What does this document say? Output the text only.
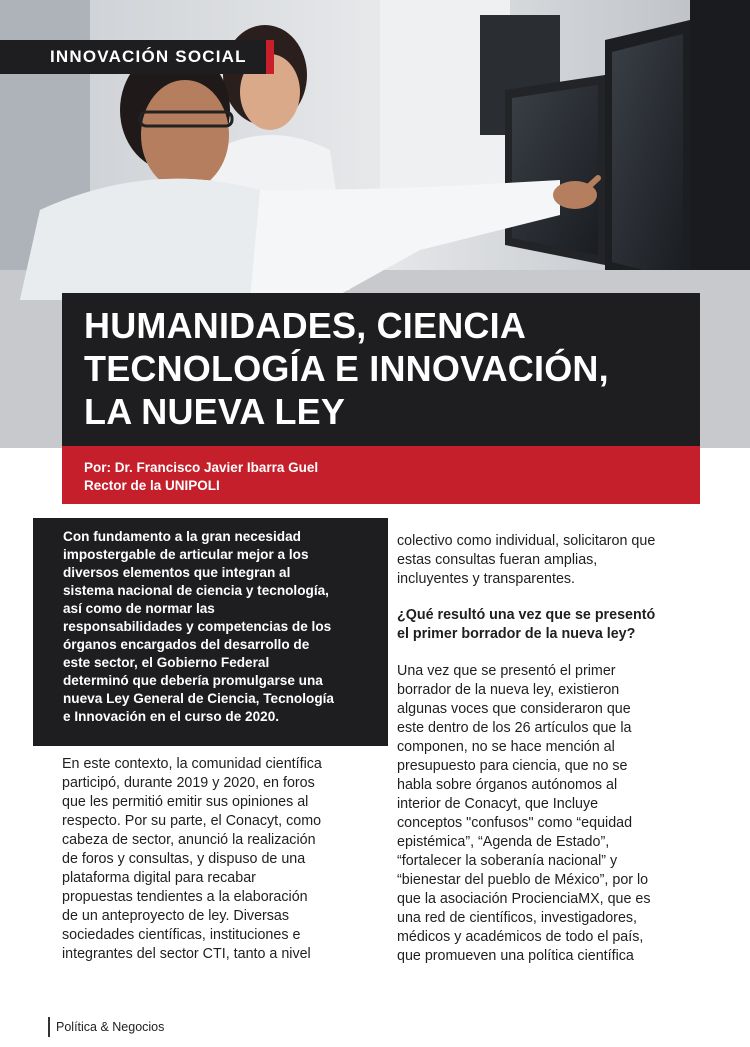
INNOVACIÓN SOCIAL
HUMANIDADES, CIENCIA
TECNOLOGÍA E INNOVACIÓN,
LA NUEVA LEY
Por: Dr. Francisco Javier Ibarra Guel
Rector de la UNIPOLI
Con fundamento a la gran necesidad
impostergable de articular mejor a los
diversos elementos que integran al
sistema nacional de ciencia y tecnología,
así como de normar las
responsabilidades y competencias de los
órganos encargados del desarrollo de
este sector, el Gobierno Federal
determinó que debería promulgarse una
nueva Ley General de Ciencia, Tecnología
e Innovación en el curso de 2020.
En este contexto, la comunidad científica
participó, durante 2019 y 2020, en foros
que les permitió emitir sus opiniones al
respecto. Por su parte, el Conacyt, como
cabeza de sector, anunció la realización
de foros y consultas, y dispuso de una
plataforma digital para recabar
propuestas tendientes a la elaboración
de un anteproyecto de ley. Diversas
sociedades científicas, instituciones e
integrantes del sector CTI, tanto a nivel
colectivo como individual, solicitaron que
estas consultas fueran amplias,
incluyentes y transparentes.
¿Qué resultó una vez que se presentó
el primer borrador de la nueva ley?
Una vez que se presentó el primer
borrador de la nueva ley, existieron
algunas voces que consideraron que
este dentro de los 26 artículos que la
componen, no se hace mención al
presupuesto para ciencia, que no se
habla sobre órganos autónomos al
interior de Conacyt, que Incluye
conceptos "confusos" como “equidad
epistémica”, “Agenda de Estado”,
“fortalecer la soberanía nacional” y
“bienestar del pueblo de México”, por lo
que la asociación ProcienciaMX, que es
una red de científicos, investigadores,
médicos y académicos de todo el país,
que promueven una política científica
Política & Negocios
